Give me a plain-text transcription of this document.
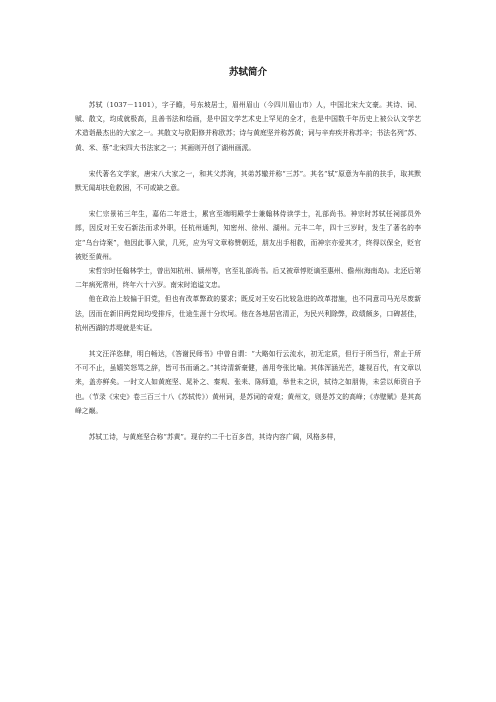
苏轼简介

苏轼（1037－1101），字子瞻，号东坡居士，眉州眉山（今四川眉山市）人，中国北宋大文豪。其诗、词、赋、散文，均成就极高，且善书法和绘画，是中国文学艺术史上罕见的全才，也是中国数千年历史上被公认文学艺术造诣最杰出的大家之一。其散文与欧阳修并称欧苏；诗与黄庭坚并称苏黄；词与辛弃疾并称苏辛；书法名列“苏、黄、米、蔡”北宋四大书法家之一；其画则开创了湖州画派。

宋代著名文学家，唐宋八大家之一，和其父苏洵，其弟苏辙并称“三苏”。其名“轼”原意为车前的扶手，取其默默无闻却扶危救困，不可或缺之意。

宋仁宗景祐三年生，嘉佑二年进士，累官至端明殿学士兼翰林侍读学士，礼部尚书。神宗时苏轼任祠部员外郎，因反对王安石新法而求外职，任杭州通判，知密州、徐州、湖州。元丰二年，四十三岁时，发生了著名的李定“乌台诗案”，他因此事入狱，几死，应为写文章称赞朝廷，朋友出手相救，而神宗亦爱其才，终得以保全，贬官被贬至黄州。

宋哲宗时任翰林学士，曾出知杭州、颍州等，官至礼部尚书。后又被章惇贬谪至惠州、儋州(海南岛)。北还后第二年病死常州，终年六十六岁。南宋时追谥文忠。

他在政治上较偏于旧党，但也有改革弊政的要求；既反对王安石比较急进的改革措施，也不同意司马光尽废新法，因而在新旧两党间均受排斥，仕途生涯十分坎坷。他在各地居官清正，为民兴利除弊，政绩颇多，口碑甚佳，杭州西湖的苏堤就是实证。

其文汪洋恣肆，明白畅达，《答谢民师书》中曾自谓：“大略如行云流水，初无定质，但行于所当行，常止于所不可不止，虽嬉笑怒骂之辞，皆可书而诵之。”其诗清新豪健，善用夸张比喻。其体浑涵光芒，雄视百代，有文章以来，盖亦鲜矣。一时文人如黄庭坚、晁补之、秦观、张耒、陈师道，举世未之识，轼待之如朋俦，未尝以师资自予也。（节录《宋史》卷三百三十八《苏轼传》）黄州词，是苏词的奇观；黄州文，则是苏文的高峰；《赤壁赋》是其高峰之巅。

苏轼工诗，与黄庭坚合称“苏黄”。现存约二千七百多首，其诗内容广阔，风格多样，
